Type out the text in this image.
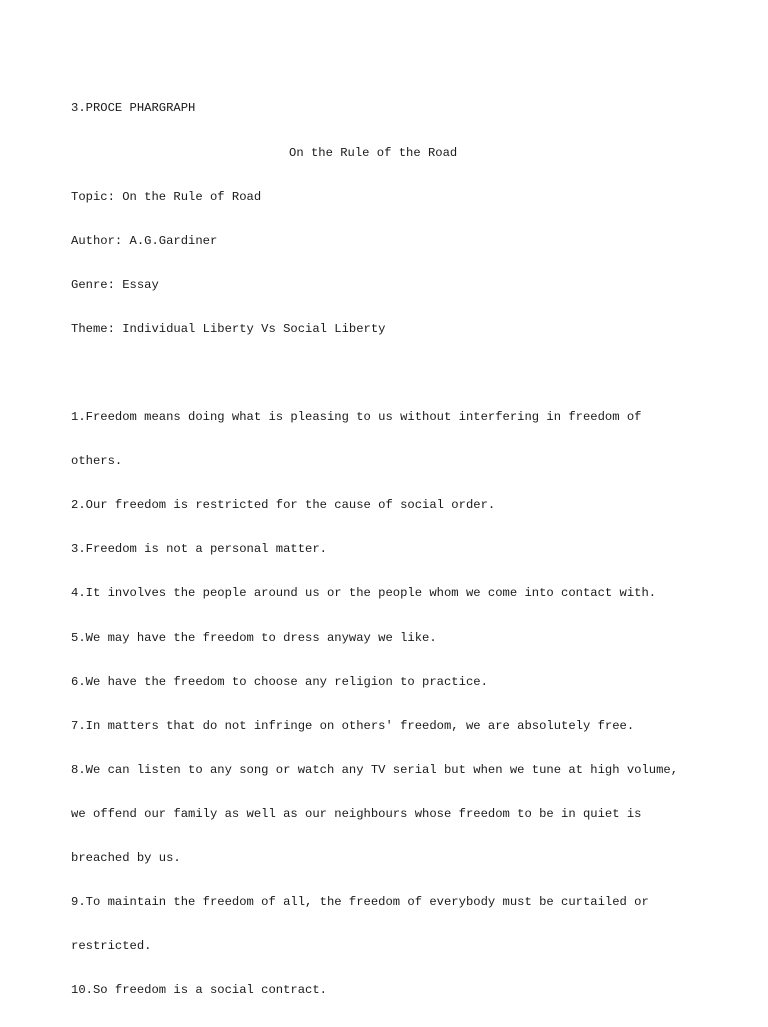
3.PROCE PHARGRAPH

On the Rule of the Road

Topic: On the Rule of Road

Author: A.G.Gardiner

Genre: Essay

Theme: Individual Liberty Vs Social Liberty

1.Freedom means doing what is pleasing to us without interfering in freedom of

others.

2.Our freedom is restricted for the cause of social order.

3.Freedom is not a personal matter.

4.It involves the people around us or the people whom we come into contact with.

5.We may have the freedom to dress anyway we like.

6.We have the freedom to choose any religion to practice.

7.In matters that do not infringe on others' freedom, we are absolutely free.

8.We can listen to any song or watch any TV serial but when we tune at high volume,

we offend our family as well as our neighbours whose freedom to be in quiet is

breached by us.

9.To maintain the freedom of all, the freedom of everybody must be curtailed or

restricted.

10.So freedom is a social contract.
